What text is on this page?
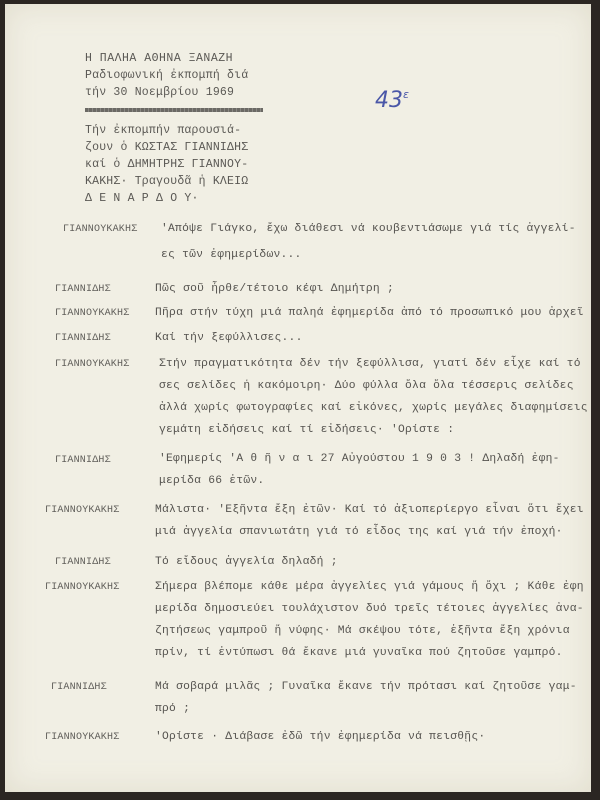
Η ΠΑΛΗΑ ΑΘΗΝΑ ΞΑΝΑΖΗ
Ραδιοφωνική ἐκπομπή διά
τήν 30 Νοεμβρίου 1969
Τήν ἐκπομπήν παρουσιά-
ζουν ὁ ΚΩΣΤΑΣ ΓΙΑΝΝΙΔΗΣ
καί ὁ ΔΗΜΗΤΡΗΣ ΓΙΑΝΝΟΥ-
ΚΑΚΗΣ· Τραγουδᾶ ἡ ΚΛΕΙΩ
Δ Ε Ν Α Ρ Δ Ο Υ·
$43^\varepsilon$
ΓΙΑΝΝΟΥΚΑΚΗΣ 'Απόψε Γιάγκο, ἔχω διάθεσι νά κουβεντιάσωμε γιά τίς ἀγγελί-
ες τῶν ἐφημερίδων...
ΓΙΑΝΝΙΔΗΣ	Πῶς σοῦ ἦρθε/τέτοιο κέφι Δημήτρη ;
ΓΙΑΝΝΟΥΚΑΚΗΣ Πῆρα στήν τύχη μιά παληά ἐφημερίδα ἀπό τό προσωπικό μου ἀρχεῖ
ΓΙΑΝΝΙΔΗΣ	Καί τήν ξεφύλλισες...
ΓΙΑΝΝΟΥΚΑΚΗΣ	Στήν πραγματικότητα δέν τήν ξεφύλλισα, γιατί δέν εἶχε καί τό
σες σελίδες ἡ κακόμοιρη· Δύο φύλλα ὅλα ὅλα τέσσερις σελίδες
ἀλλά χωρίς φωτογραφίες καί εἰκόνες, χωρίς μεγάλες διαφημίσεις
γεμάτη εἰδήσεις καί τί εἰδήσεις· 'Ορίστε :
ΓΙΑΝΝΙΔΗΣ	'Εφημερίς 'Α θ ῆ ν α ι 27 Αὐγούστου 1 9 0 3 ! Δηλαδή ἐφη-
μερίδα 66 ἐτῶν.
ΓΙΑΝΝΟΥΚΑΚΗΣ	Μάλιστα· 'Εξῆντα ἔξη ἐτῶν· Καί τό ἀξιοπερίεργο εἶναι ὅτι ἔχει
μιά ἀγγελία σπανιωτάτη γιά τό εἶδος της καί γιά τήν ἐποχή·
ΓΙΑΝΝΙΔΗΣ	Τό εἴδους ἀγγελία δηλαδή ;
ΓΙΑΝΝΟΥΚΑΚΗΣ	Σήμερα βλέπομε κάθε μέρα ἀγγελίες γιά γάμους ἤ ὄχι ; Κάθε ἐφη
μερίδα δημοσιεύει τουλάχιστον δυό τρεῖς τέτοιες ἀγγελίες ἀνα-
ζητήσεως γαμπροῦ ἤ νύφης· Μά σκέψου τότε, ἑξῆντα ἔξη χρόνια
πρίν, τί ἐντύπωσι θά ἔκανε μιά γυναῖκα πού ζητοῦσε γαμπρό.
ΓΙΑΝΝΙΔΗΣ	Μά σοβαρά μιλᾶς ; Γυναῖκα ἔκανε τήν πρότασι καί ζητοῦσε γαμ-
πρό ;
ΓΙΑΝΝΟΥΚΑΚΗΣ	'Ορίστε · Διάβασε ἐδῶ τήν ἐφημερίδα νά πεισθῇς·
